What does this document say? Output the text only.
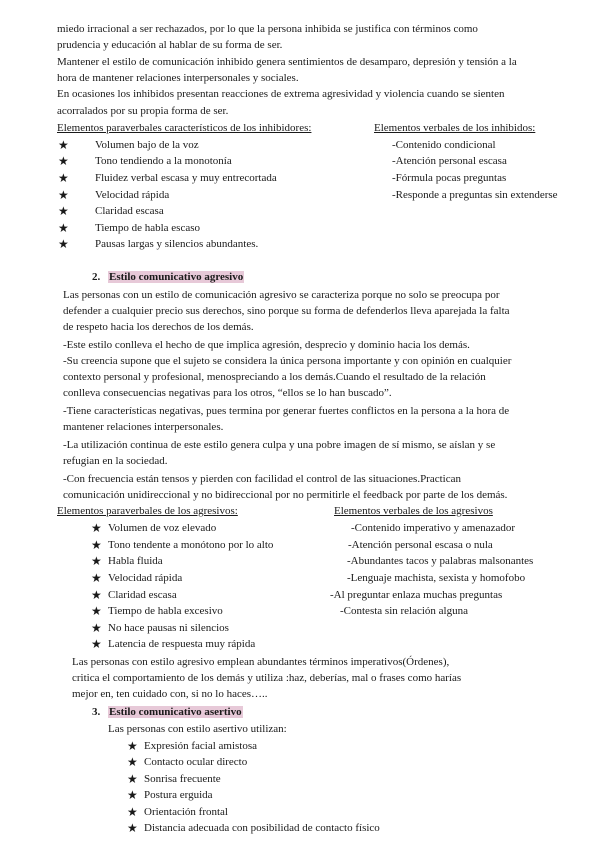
miedo irracional a ser rechazados, por lo que la persona inhibida se justifica con términos como
prudencia y educación al hablar de su forma de ser.
Mantener el estilo de comunicación inhibido genera sentimientos de desamparo, depresión y tensión a la
hora de mantener relaciones interpersonales y sociales.
En ocasiones los inhibidos presentan reacciones de extrema agresividad y violencia cuando se sienten
acorralados por su propia forma de ser.
Elementos paraverbales característicos de los inhibidores:	Elementos verbales de los inhibidos:
★ Volumen bajo de la voz
★ Tono tendiendo a la monotonía
★ Fluidez verbal escasa y muy entrecortada
★ Velocidad rápida
★ Claridad escasa
★ Tiempo de habla escaso
★ Pausas largas y silencios abundantes.
-Contenido condicional
-Atención personal escasa
-Fórmula pocas preguntas
-Responde a preguntas sin extenderse
2. Estilo comunicativo agresivo
Las personas con un estilo de comunicación agresivo se caracteriza porque no solo se preocupa por
defender a cualquier precio sus derechos, sino porque su forma de defenderlos lleva aparejada la falta
de respeto hacia los derechos de los demás.
-Este estilo conlleva el hecho de que implica agresión, desprecio y dominio hacia los demás.
-Su creencia supone que el sujeto se considera la única persona importante y con opinión en cualquier
contexto personal y profesional, menospreciando a los demás.Cuando el resultado de la relación
conlleva consecuencias negativas para los otros, “ellos se lo han buscado”.
-Tiene características negativas, pues termina por generar fuertes conflictos en la persona a la hora de
mantener relaciones interpersonales.
-La utilización continua de este estilo genera culpa y una pobre imagen de sí mismo, se aíslan y se
refugian en la sociedad.
-Con frecuencia están tensos y pierden con facilidad el control de las situaciones.Practican
comunicación unidireccional y no bidireccional por no permitirle el feedback por parte de los demás.
Elementos paraverbales de los agresivos:	Elementos verbales de los agresivos
★ Volumen de voz elevado
★ Tono tendente a monótono por lo alto
★ Habla fluida
★ Velocidad rápida
★ Claridad escasa
★ Tiempo de habla excesivo
★ No hace pausas ni silencios
★ Latencia de respuesta muy rápida
-Contenido imperativo y amenazador
-Atención personal escasa o nula
-Abundantes tacos y palabras malsonantes
-Lenguaje machista, sexista y homofobo
-Al preguntar enlaza muchas preguntas
-Contesta sin relación alguna
Las personas con estilo agresivo emplean abundantes términos imperativos(Órdenes),
critica el comportamiento de los demás y utiliza :haz, deberías, mal o frases como harías
mejor en, ten cuidado con, si no lo haces…..
3. Estilo comunicativo asertivo
Las personas con estilo asertivo utilizan:
★ Expresión facial amistosa
★ Contacto ocular directo
★ Sonrisa frecuente
★ Postura erguida
★ Orientación frontal
★ Distancia adecuada con posibilidad de contacto físico
